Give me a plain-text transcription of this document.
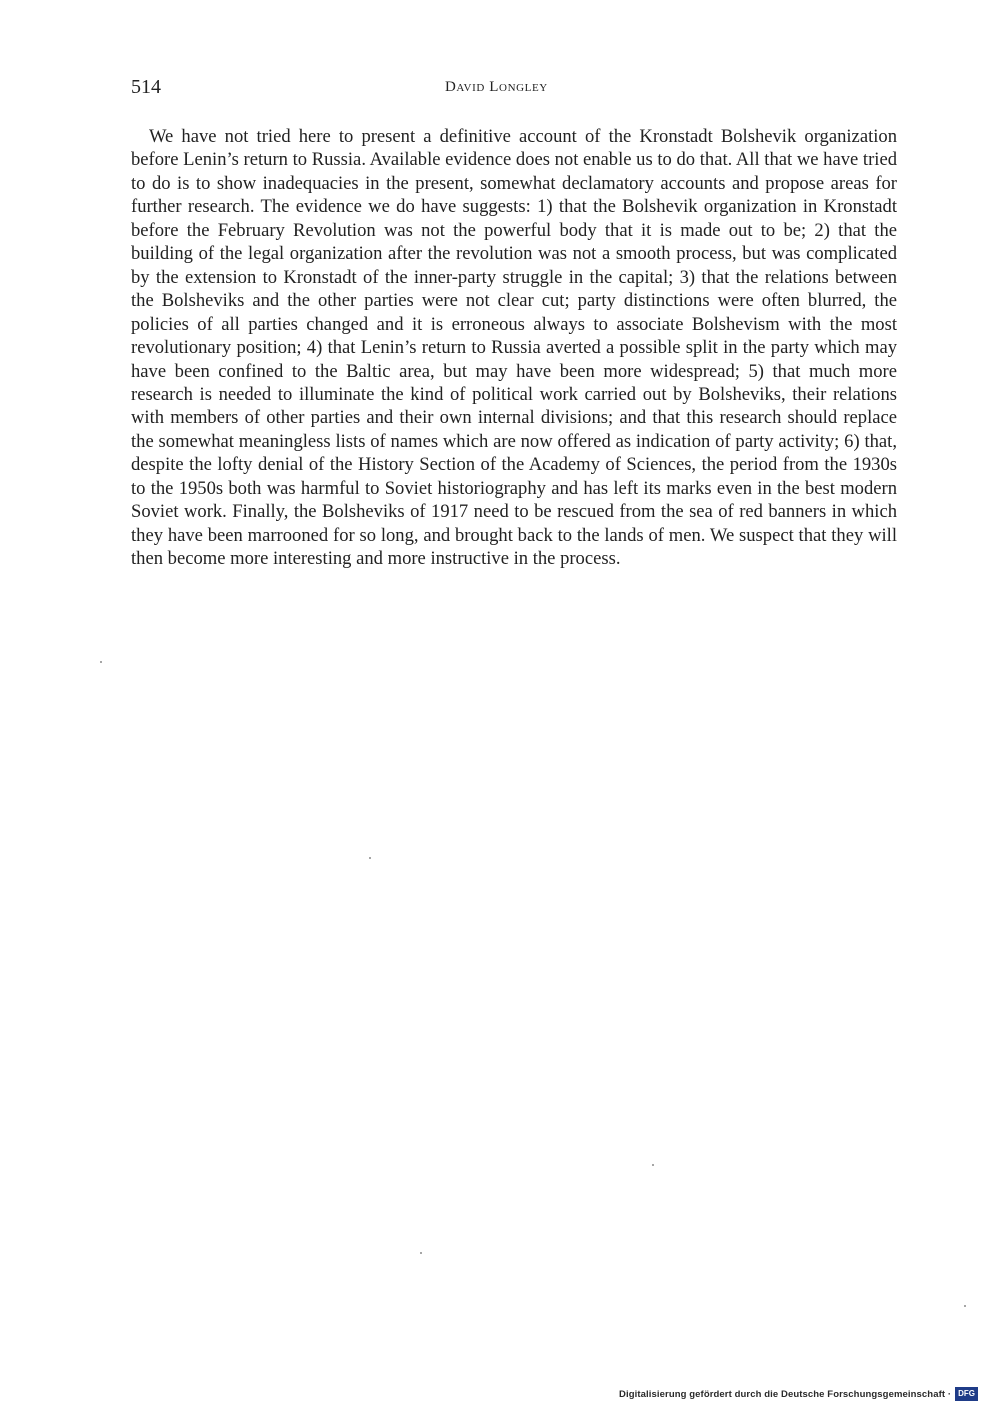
514	David Longley

We have not tried here to present a definitive account of the Kronstadt Bolshevik organization before Lenin’s return to Russia. Available evidence does not enable us to do that. All that we have tried to do is to show inadequacies in the present, somewhat declamatory accounts and propose areas for further research. The evidence we do have suggests: 1) that the Bolshevik organization in Kronstadt before the February Revolution was not the powerful body that it is made out to be; 2) that the building of the legal organization after the revolution was not a smooth process, but was complicated by the extension to Kronstadt of the inner-party struggle in the capital; 3) that the relations between the Bolsheviks and the other parties were not clear cut; party distinctions were often blurred, the policies of all parties changed and it is erroneous always to associate Bolshevism with the most revolutionary position; 4) that Lenin’s return to Russia averted a possible split in the party which may have been confined to the Baltic area, but may have been more widespread; 5) that much more research is needed to illuminate the kind of political work carried out by Bolsheviks, their relations with members of other parties and their own internal divisions; and that this research should replace the somewhat meaningless lists of names which are now offered as indication of party activity; 6) that, despite the lofty denial of the History Section of the Academy of Sciences, the period from the 1930s to the 1950s both was harmful to Soviet historiography and has left its marks even in the best modern Soviet work. Finally, the Bolsheviks of 1917 need to be rescued from the sea of red banners in which they have been marrooned for so long, and brought back to the lands of men. We suspect that they will then become more interesting and more instructive in the process.

Digitalisierung gefördert durch die Deutsche Forschungsgemeinschaft · DFG
